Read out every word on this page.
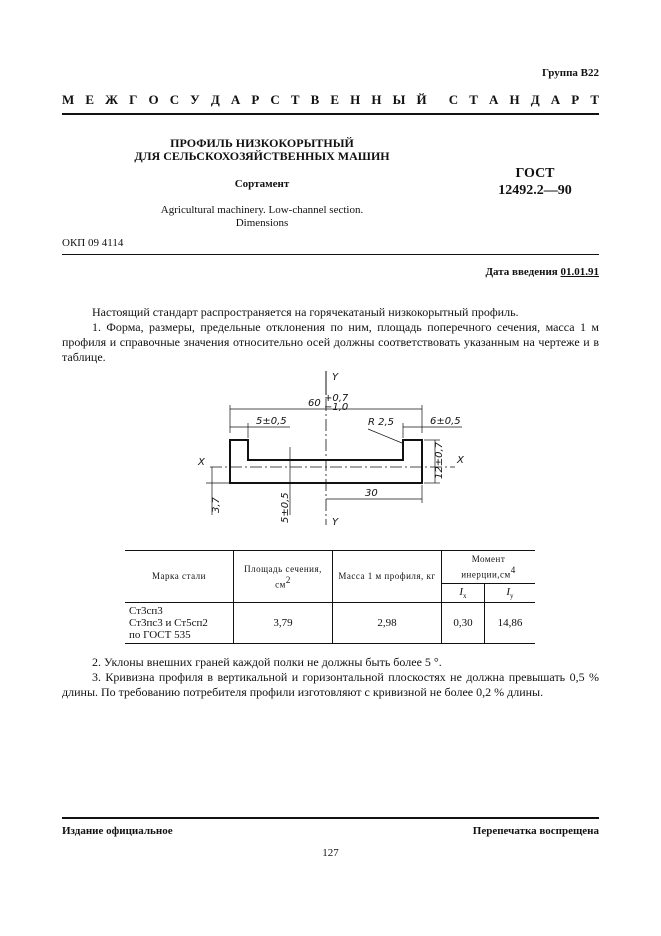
Группа В22
М Е Ж Г О С У Д А Р С Т В Е Н Н Ы Й С Т А Н Д А Р Т
ПРОФИЛЬ НИЗКОКОРЫТНЫЙ
ДЛЯ СЕЛЬСКОХОЗЯЙСТВЕННЫХ МАШИН
Сортамент
Agricultural machinery. Low-channel section.
Dimensions
ГОСТ
12492.2—90
ОКП 09 4114
Дата введения 01.01.91
Настоящий стандарт распространяется на горячекатаный низкокорытный профиль.
1. Форма, размеры, предельные отклонения по ним, площадь поперечного сечения, масса 1 м профиля и справочные значения относительно осей должны соответствовать указанным на чертеже и в таблице.
Y
Y
X	X
60 +0,7
−1,0
5±0,5	R 2,5	6±0,5
12±0,7
5±0,5
3,7
30
Марка стали	Площадь сечения, $см^2$	Масса 1 м профиля, кг	Момент $инерции,см^4$
			$I_x$	$I_y$

Ст3сп3
Ст3пс3 и Ст5сп2
по ГОСТ 535	3,79	2,98	0,30	14,86
2. Уклоны внешних граней каждой полки не должны быть более 5 °.
3. Кривизна профиля в вертикальной и горизонтальной плоскостях не должна превышать 0,5 % длины. По требованию потребителя профили изготовляют с кривизной не более 0,2 % длины.
Издание официальное	Перепечатка воспрещена
127
